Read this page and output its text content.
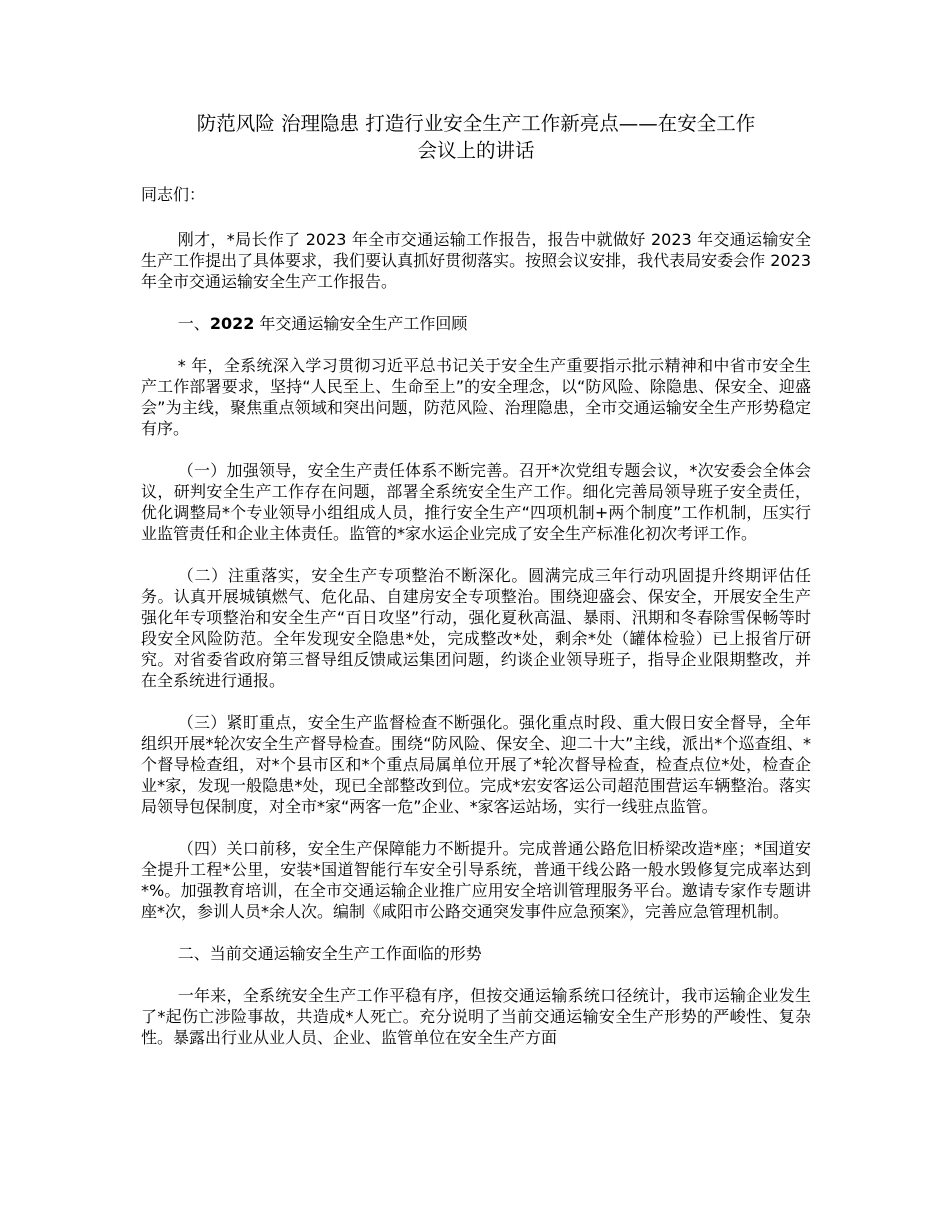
防范风险 治理隐患 打造行业安全生产工作新亮点——在安全工作
会议上的讲话

同志们：

刚才，*局长作了 2023 年全市交通运输工作报告，报告中就做好 2023 年交通运输安全生产工作提出了具体要求，我们要认真抓好贯彻落实。按照会议安排，我代表局安委会作 2023 年全市交通运输安全生产工作报告。

一、2022 年交通运输安全生产工作回顾

* 年，全系统深入学习贯彻习近平总书记关于安全生产重要指示批示精神和中省市安全生产工作部署要求，坚持“人民至上、生命至上”的安全理念，以“防风险、除隐患、保安全、迎盛会”为主线，聚焦重点领域和突出问题，防范风险、治理隐患，全市交通运输安全生产形势稳定有序。

（一）加强领导，安全生产责任体系不断完善。召开*次党组专题会议，*次安委会全体会议，研判安全生产工作存在问题，部署全系统安全生产工作。细化完善局领导班子安全责任，优化调整局*个专业领导小组组成人员，推行安全生产“四项机制+两个制度”工作机制，压实行业监管责任和企业主体责任。监管的*家水运企业完成了安全生产标准化初次考评工作。

（二）注重落实，安全生产专项整治不断深化。圆满完成三年行动巩固提升终期评估任务。认真开展城镇燃气、危化品、自建房安全专项整治。围绕迎盛会、保安全，开展安全生产强化年专项整治和安全生产“百日攻坚”行动，强化夏秋高温、暴雨、汛期和冬春除雪保畅等时段安全风险防范。全年发现安全隐患*处，完成整改*处，剩余*处（罐体检验）已上报省厅研究。对省委省政府第三督导组反馈咸运集团问题，约谈企业领导班子，指导企业限期整改，并在全系统进行通报。

（三）紧盯重点，安全生产监督检查不断强化。强化重点时段、重大假日安全督导，全年组织开展*轮次安全生产督导检查。围绕“防风险、保安全、迎二十大”主线，派出*个巡查组、*个督导检查组，对*个县市区和*个重点局属单位开展了*轮次督导检查，检查点位*处，检查企业*家，发现一般隐患*处，现已全部整改到位。完成*宏安客运公司超范围营运车辆整治。落实局领导包保制度，对全市*家“两客一危”企业、*家客运站场，实行一线驻点监管。

（四）关口前移，安全生产保障能力不断提升。完成普通公路危旧桥梁改造*座；*国道安全提升工程*公里，安装*国道智能行车安全引导系统，普通干线公路一般水毁修复完成率达到 *%。加强教育培训，在全市交通运输企业推广应用安全培训管理服务平台。邀请专家作专题讲座*次，参训人员*余人次。编制《咸阳市公路交通突发事件应急预案》，完善应急管理机制。

二、当前交通运输安全生产工作面临的形势

一年来，全系统安全生产工作平稳有序，但按交通运输系统口径统计，我市运输企业发生了*起伤亡涉险事故，共造成*人死亡。充分说明了当前交通运输安全生产形势的严峻性、复杂性。暴露出行业从业人员、企业、监管单位在安全生产方面
